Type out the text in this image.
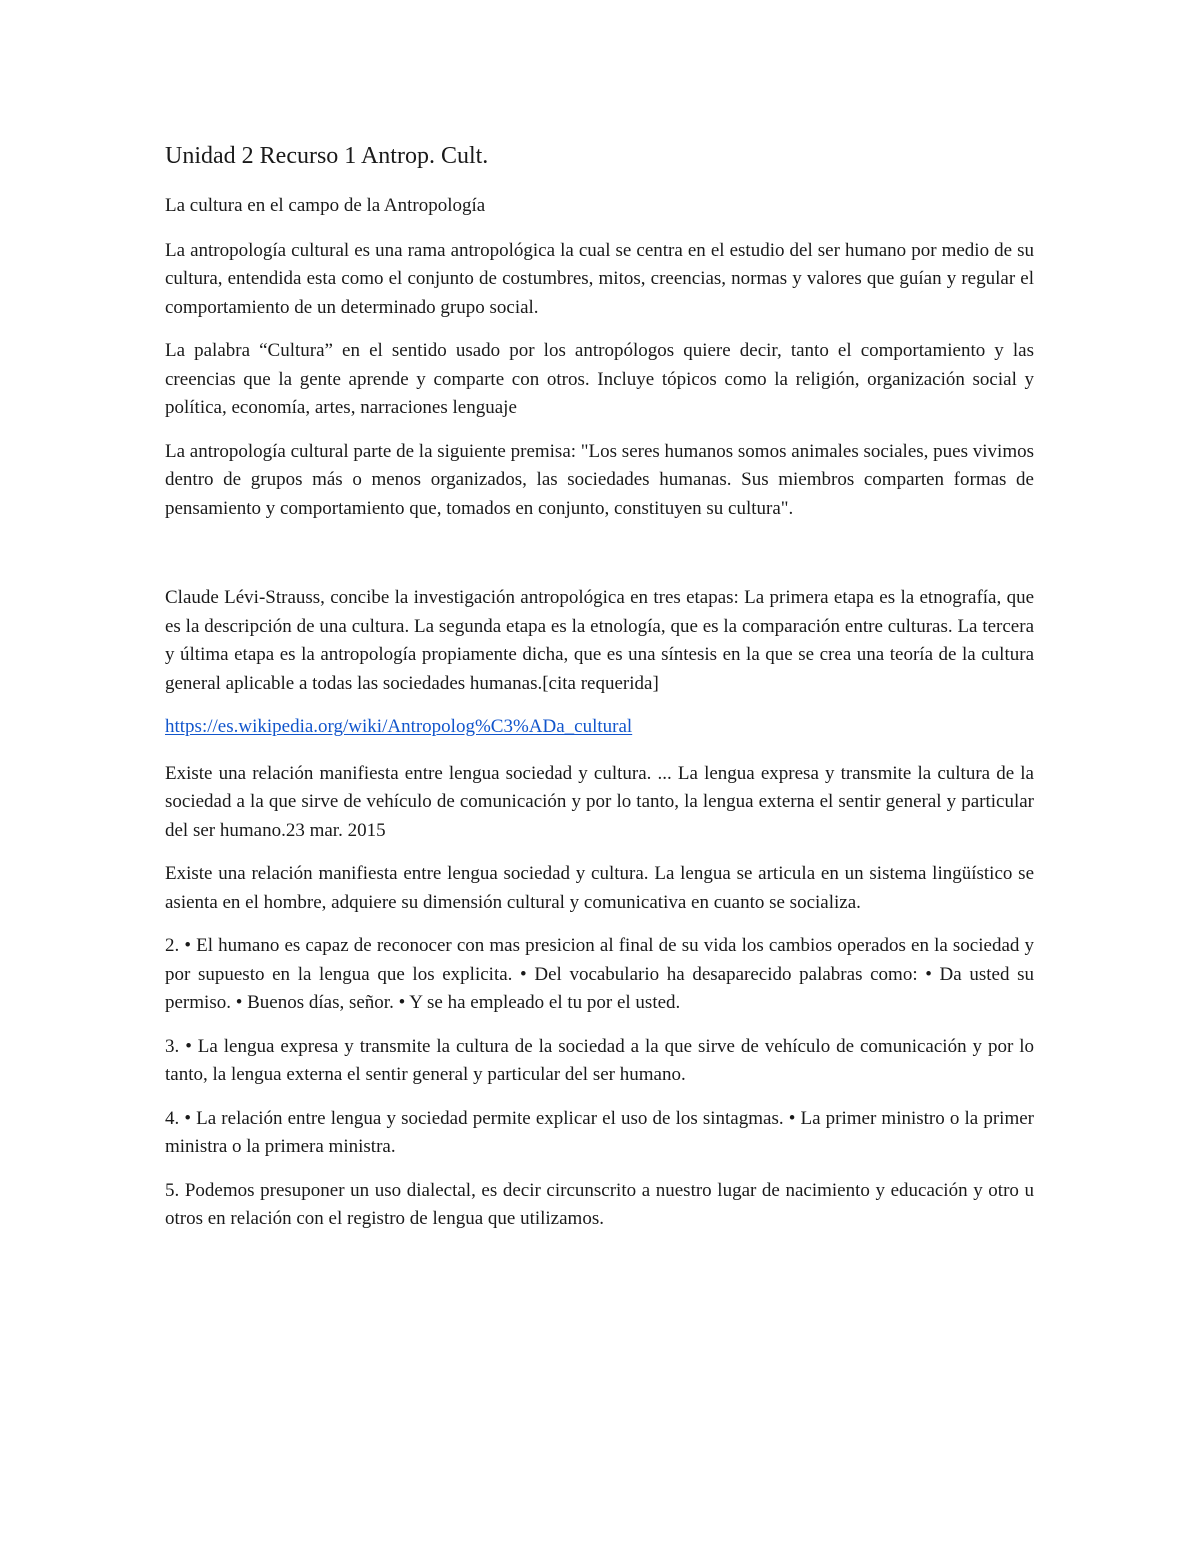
Unidad 2 Recurso 1 Antrop. Cult.

La cultura en el campo de la Antropología

La antropología cultural es una rama antropológica la cual se centra en el estudio del ser humano por medio de su cultura, entendida esta como el conjunto de costumbres, mitos, creencias, normas y valores que guían y regular el comportamiento de un determinado grupo social.

La palabra “Cultura” en el sentido usado por los antropólogos quiere decir, tanto el comportamiento y las creencias que la gente aprende y comparte con otros. Incluye tópicos como la religión, organización social y política, economía, artes, narraciones lenguaje

La antropología cultural parte de la siguiente premisa: "Los seres humanos somos animales sociales, pues vivimos dentro de grupos más o menos organizados, las sociedades humanas. Sus miembros comparten formas de pensamiento y comportamiento que, tomados en conjunto, constituyen su cultura".

Claude Lévi-Strauss, concibe la investigación antropológica en tres etapas: La primera etapa es la etnografía, que es la descripción de una cultura. La segunda etapa es la etnología, que es la comparación entre culturas. La tercera y última etapa es la antropología propiamente dicha, que es una síntesis en la que se crea una teoría de la cultura general aplicable a todas las sociedades humanas.[cita requerida]

https://es.wikipedia.org/wiki/Antropolog%C3%ADa_cultural

Existe una relación manifiesta entre lengua sociedad y cultura. ... La lengua expresa y transmite la cultura de la sociedad a la que sirve de vehículo de comunicación y por lo tanto, la lengua externa el sentir general y particular del ser humano.23 mar. 2015

Existe una relación manifiesta entre lengua sociedad y cultura. La lengua se articula en un sistema lingüístico se asienta en el hombre, adquiere su dimensión cultural y comunicativa en cuanto se socializa.

2. • El humano es capaz de reconocer con mas presicion al final de su vida los cambios operados en la sociedad y por supuesto en la lengua que los explicita. • Del vocabulario ha desaparecido palabras como: • Da usted su permiso. • Buenos días, señor. • Y se ha empleado el tu por el usted.

3. • La lengua expresa y transmite la cultura de la sociedad a la que sirve de vehículo de comunicación y por lo tanto, la lengua externa el sentir general y particular del ser humano.

4. • La relación entre lengua y sociedad permite explicar el uso de los sintagmas. • La primer ministro o la primer ministra o la primera ministra.

5. Podemos presuponer un uso dialectal, es decir circunscrito a nuestro lugar de nacimiento y educación y otro u otros en relación con el registro de lengua que utilizamos.
